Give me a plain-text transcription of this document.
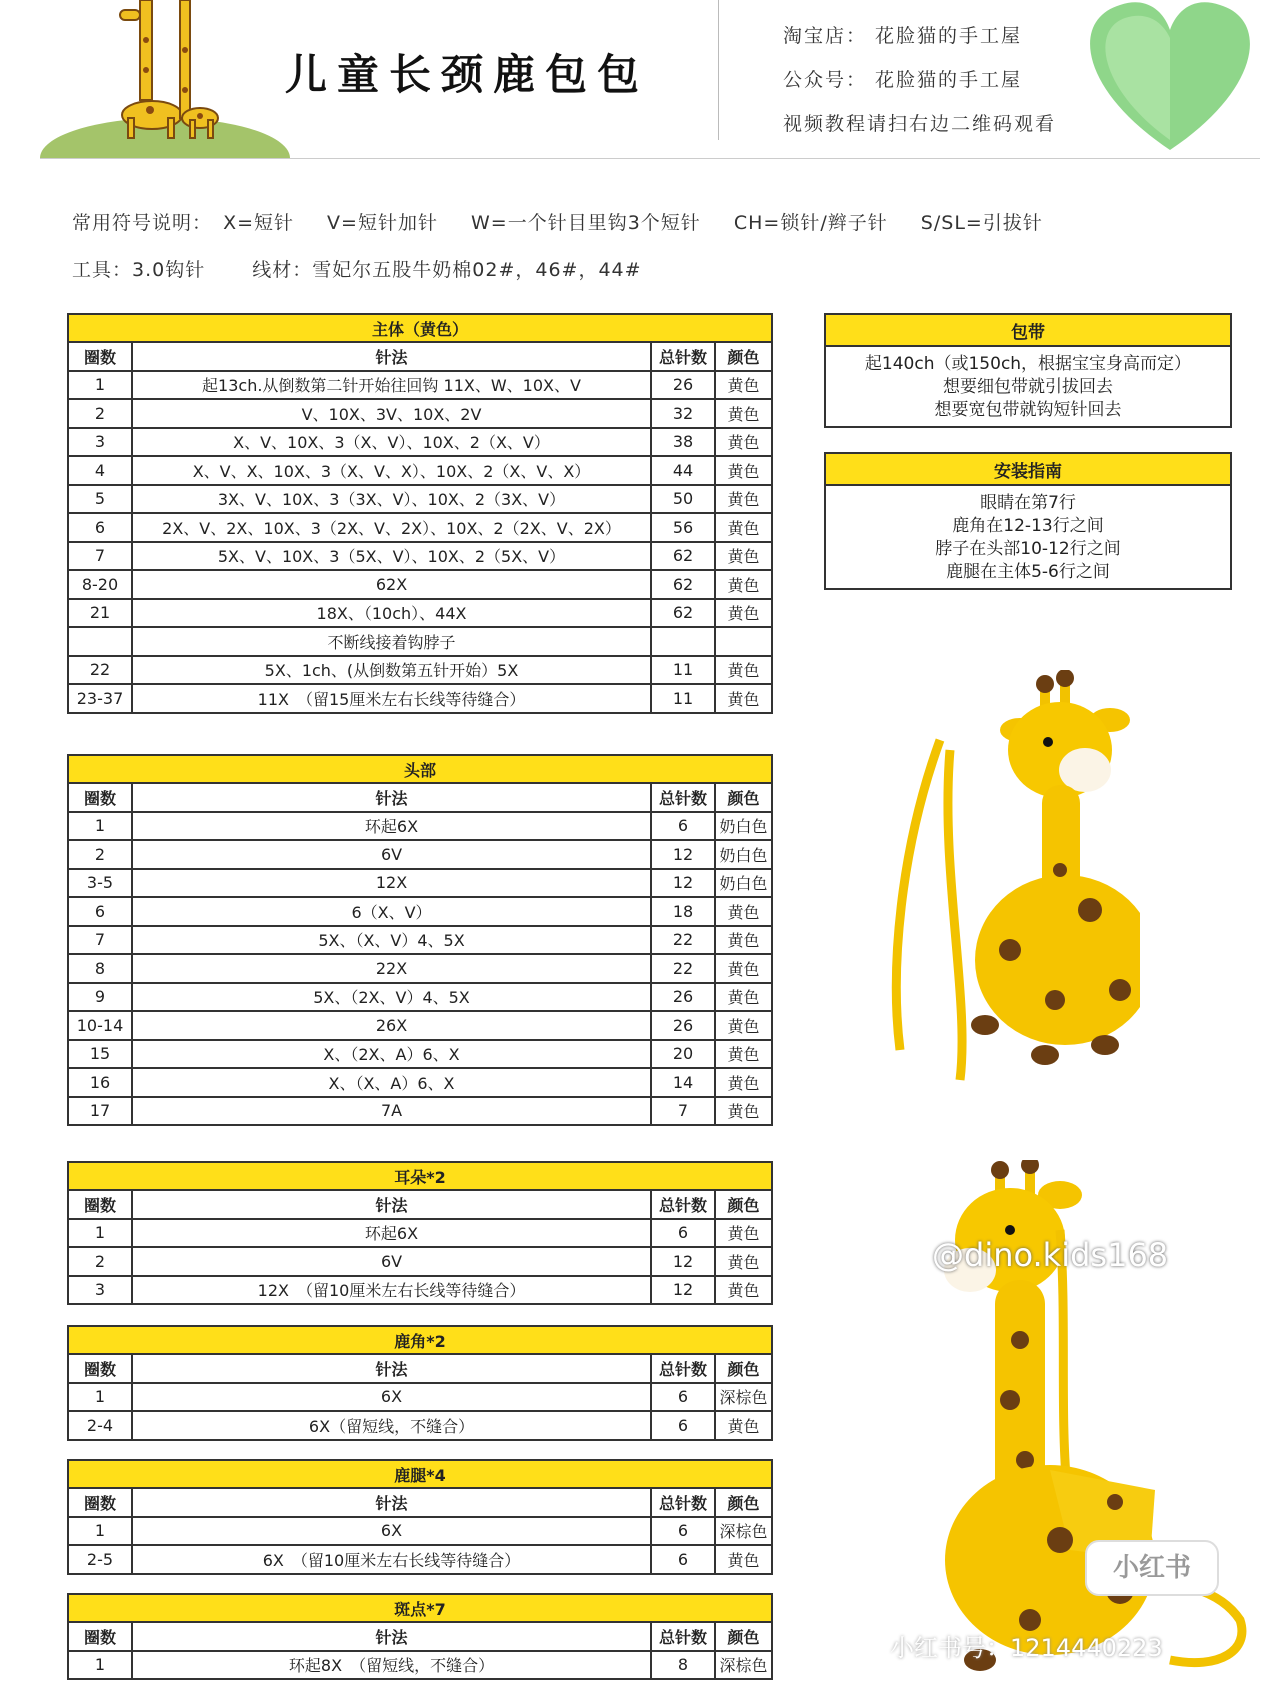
儿童长颈鹿包包
淘宝店： 花脸猫的手工屋
公众号： 花脸猫的手工屋
视频教程请扫右边二维码观看
常用符号说明： X=短针 V=短针加针 W=一个针目里钩3个短针 CH=锁针/辫子针 S/SL=引拔针
工具：3.0钩针 线材：雪妃尔五股牛奶棉02#，46#，44#
主体（黄色）			
圈数	针法	总针数	颜色
1	起13ch.从倒数第二针开始往回钩 11X、W、10X、V	26	黄色
2	V、10X、3V、10X、2V	32	黄色
3	X、V、10X、3（X、V）、10X、2（X、V）	38	黄色
4	X、V、X、10X、3（X、V、X）、10X、2（X、V、X）	44	黄色
5	3X、V、10X、3（3X、V）、10X、2（3X、V）	50	黄色
6	2X、V、2X、10X、3（2X、V、2X）、10X、2（2X、V、2X）	56	黄色
7	5X、V、10X、3（5X、V）、10X、2（5X、V）	62	黄色
8-20	62X	62	黄色
21	18X、（10ch）、44X	62	黄色
	不断线接着钩脖子		
22	5X、1ch、(从倒数第五针开始）5X	11	黄色
23-37	11X　（留15厘米左右长线等待缝合）	11	黄色
头部			
圈数	针法	总针数	颜色
1	环起6X	6	奶白色
2	6V	12	奶白色
3-5	12X	12	奶白色
6	6（X、V）	18	黄色
7	5X、（X、V）4、5X	22	黄色
8	22X	22	黄色
9	5X、（2X、V）4、5X	26	黄色
10-14	26X	26	黄色
15	X、（2X、A）6、X	20	黄色
16	X、（X、A）6、X	14	黄色
17	7A	7	黄色
耳朵*2			
圈数	针法	总针数	颜色
1	环起6X	6	黄色
2	6V	12	黄色
3	12X　（留10厘米左右长线等待缝合）	12	黄色
鹿角*2			
圈数	针法	总针数	颜色
1	6X	6	深棕色
2-4	6X（留短线，不缝合）	6	黄色
鹿腿*4			
圈数	针法	总针数	颜色
1	6X	6	深棕色
2-5	6X　（留10厘米左右长线等待缝合）	6	黄色
斑点*7			
圈数	针法	总针数	颜色
1	环起8X　（留短线，不缝合）	8	深棕色
包带

起140ch（或150ch，根据宝宝身高而定）
想要细包带就引拔回去
想要宽包带就钩短针回去
安装指南

眼睛在第7行
鹿角在12-13行之间
脖子在头部10-12行之间
鹿腿在主体5-6行之间
@dino.kids168
小红书
小红书号：1214440223
